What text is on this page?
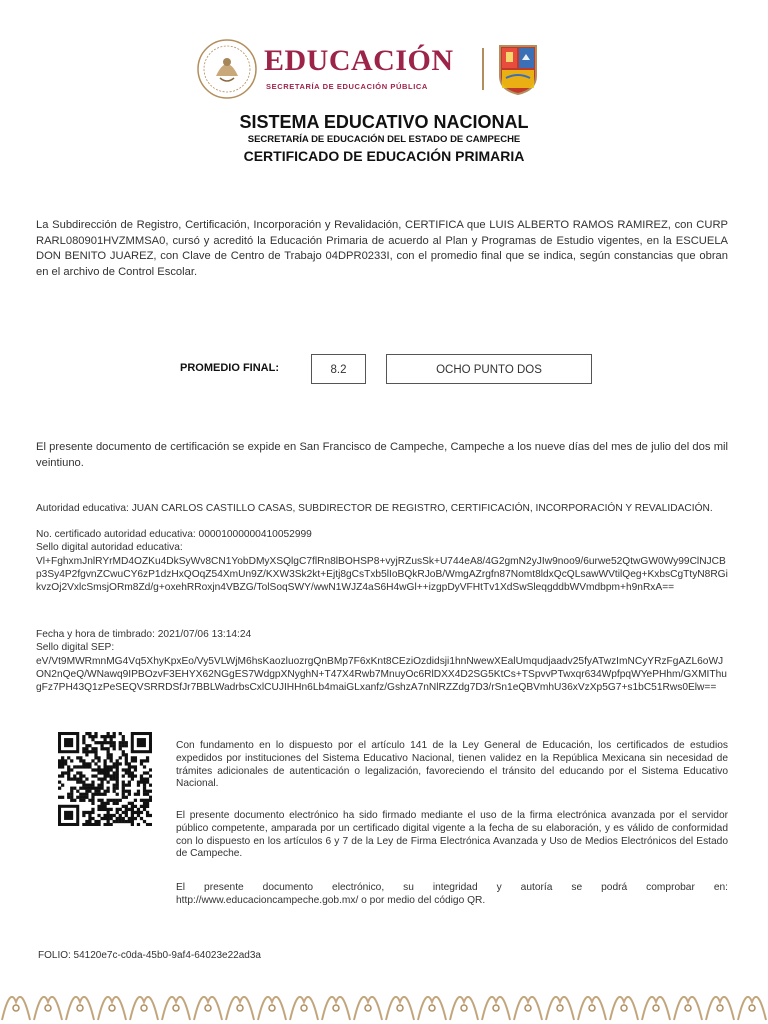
EDUCACIÓN
SECRETARÍA DE EDUCACIÓN PÚBLICA
SISTEMA EDUCATIVO NACIONAL
SECRETARÍA DE EDUCACIÓN DEL ESTADO DE CAMPECHE
CERTIFICADO DE EDUCACIÓN PRIMARIA
La Subdirección de Registro, Certificación, Incorporación y Revalidación, CERTIFICA que LUIS ALBERTO RAMOS RAMIREZ, con CURP RARL080901HVZMMSA0, cursó y acreditó la Educación Primaria de acuerdo al Plan y Programas de Estudio vigentes, en la ESCUELA DON BENITO JUAREZ, con Clave de Centro de Trabajo 04DPR0233I, con el promedio final que se indica, según constancias que obran en el archivo de Control Escolar.
PROMEDIO FINAL:	8.2	OCHO PUNTO DOS
El presente documento de certificación se expide en San Francisco de Campeche, Campeche a los nueve días del mes de julio del dos mil veintiuno.
Autoridad educativa: JUAN CARLOS CASTILLO CASAS, SUBDIRECTOR DE REGISTRO, CERTIFICACIÓN, INCORPORACIÓN Y REVALIDACIÓN.
No. certificado autoridad educativa: 00001000000410052999
Sello digital autoridad educativa:
Vl+FghxmJnlRYrMD4OZKu4DkSyWv8CN1YobDMyXSQlgC7flRn8lBOHSP8+vyjRZusSk+U744eA8/4G2gmN2yJIw9noo9/6urwe52QtwGW0Wy99ClNJCBp3Sy4P2fgvnZCwuCY6zP1dzHxQOqZ54XmUn9Z/KXW3Sk2kt+Ejtj8gCsTxb5lIoBQkRJoB/WmgAZrgfn87Nomt8ldxQcQLsawWVtilQeg+KxbsCgTtyN8RGikvzOj2VxlcSmsjORm8Zd/g+oxehRRoxjn4VBZG/TolSoqSWY/wwN1WJZ4aS6H4wGl++izgpDyVFHtTv1XdSwSleqgddbWVmdbpm+h9nRxA==
Fecha y hora de timbrado: 2021/07/06 13:14:24
Sello digital SEP:
eV/Vt9MWRmnMG4Vq5XhyKpxEo/Vy5VLWjM6hsKaozluozrgQnBMp7F6xKnt8CEziOzdidsji1hnNwewXEalUmqudjaadv25fyATwzImNCyYRzFgAZL6oWJON2nQeQ/WNawq9IPBOzvF3EHYX62NGgES7WdgpXNyghN+T47X4Rwb7MnuyOc6RlDXX4D2SG5KtCs+TSpvvPTwxqr634WpfpqWYePHhm/GXMIThugFz7PH43Q1zPeSEQVSRRDSfJr7BBLWadrbsCxlCUJIHHn6Lb4maiGLxanfz/GshzA7nNlRZZdg7D3/rSn1eQBVmhU36xVzXp5G7+s1bC51Rws0Elw==
Con fundamento en lo dispuesto por el artículo 141 de la Ley General de Educación, los certificados de estudios expedidos por instituciones del Sistema Educativo Nacional, tienen validez en la República Mexicana sin necesidad de trámites adicionales de autenticación o legalización, favoreciendo el tránsito del educando por el Sistema Educativo Nacional.
El presente documento electrónico ha sido firmado mediante el uso de la firma electrónica avanzada por el servidor público competente, amparada por un certificado digital vigente a la fecha de su elaboración, y es válido de conformidad con lo dispuesto en los artículos 6 y 7 de la Ley de Firma Electrónica Avanzada y Uso de Medios Electrónicos del Estado de Campeche.
El presente documento electrónico, su integridad y autoría se podrá comprobar en: http://www.educacioncampeche.gob.mx/ o por medio del código QR.
FOLIO: 54120e7c-c0da-45b0-9af4-64023e22ad3a
